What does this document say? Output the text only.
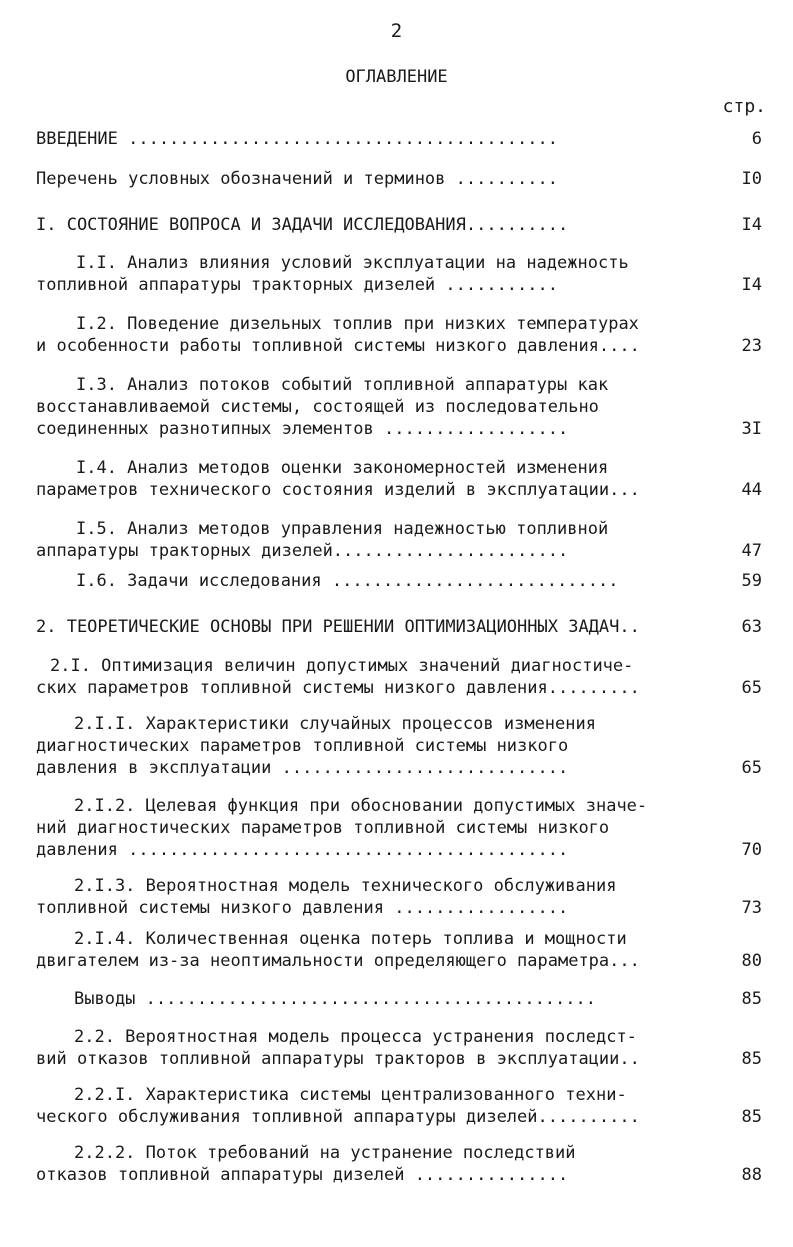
2
ОГЛАВЛЕНИЕ
стр.
ВВЕДЕНИЕ ..........................................	6
Перечень условных обозначений и терминов ..........	I0
I. СОСТОЯНИЕ ВОПРОСА И ЗАДАЧИ ИССЛЕДОВАНИЯ..........	I4
I.I. Анализ влияния условий эксплуатации на надежность
топливной аппаратуры тракторных дизелей ...........	I4
I.2. Поведение дизельных топлив при низких температурах
и особенности работы топливной системы низкого давления....	23
I.3. Анализ потоков событий топливной аппаратуры как
восстанавливаемой системы, состоящей из последовательно
соединенных разнотипных элементов ..................	3I
I.4. Анализ методов оценки закономерностей изменения
параметров технического состояния изделий в эксплуатации...	44
I.5. Анализ методов управления надежностью топливной
аппаратуры тракторных дизелей.......................	47
I.6. Задачи исследования ............................	59
2. ТЕОРЕТИЧЕСКИЕ ОСНОВЫ ПРИ РЕШЕНИИ ОПТИМИЗАЦИОННЫХ ЗАДАЧ..	63
2.I. Оптимизация величин допустимых значений диагностиче-
ских параметров топливной системы низкого давления.........	65
2.I.I. Характеристики случайных процессов изменения
диагностических параметров топливной системы низкого
давления в эксплуатации ............................	65
2.I.2. Целевая функция при обосновании допустимых значе-
ний диагностических параметров топливной системы низкого
давления ...........................................	70
2.I.3. Вероятностная модель технического обслуживания
топливной системы низкого давления .................	73
2.I.4. Количественная оценка потерь топлива и мощности
двигателем из-за неоптимальности определяющего параметра...	80
Выводы ............................................	85
2.2. Вероятностная модель процесса устранения последст-
вий отказов топливной аппаратуры тракторов в эксплуатации..	85
2.2.I. Характеристика системы централизованного техни-
ческого обслуживания топливной аппаратуры дизелей..........	85
2.2.2. Поток требований на устранение последствий
отказов топливной аппаратуры дизелей ...............	88
